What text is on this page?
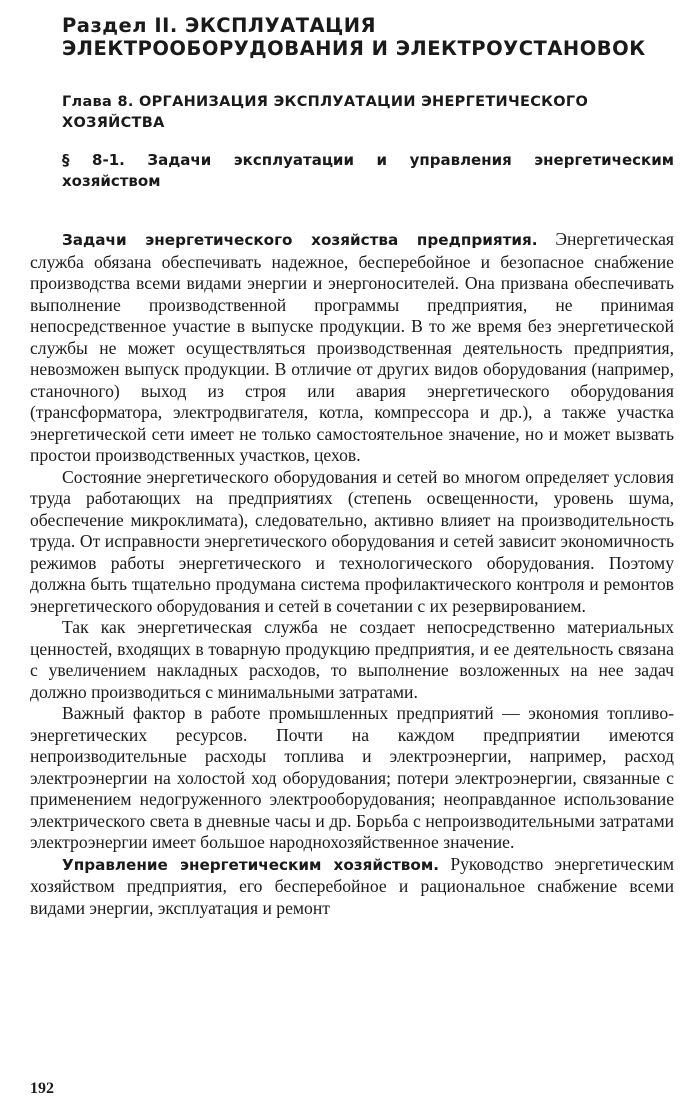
Раздел II. ЭКСПЛУАТАЦИЯ ЭЛЕКТРООБОРУДОВАНИЯ И ЭЛЕКТРОУСТАНОВОК
Глава 8. ОРГАНИЗАЦИЯ ЭКСПЛУАТАЦИИ ЭНЕРГЕТИЧЕСКОГО ХОЗЯЙСТВА
§ 8-1. Задачи эксплуатации и управления энергетическим хозяйством

Задачи энергетического хозяйства предприятия. Энергетическая служба обязана обеспечивать надежное, бесперебойное и безопасное снабжение производства всеми видами энергии и энергоносителей. Она призвана обеспечивать выполнение производственной программы предприятия, не принимая непосредственное участие в выпуске продукции. В то же время без энергетической службы не может осуществляться производственная деятельность предприятия, невозможен выпуск продукции. В отличие от других видов оборудования (например, станочного) выход из строя или авария энергетического оборудования (трансформатора, электродвигателя, котла, компрессора и др.), а также участка энергетической сети имеет не только самостоятельное значение, но и может вызвать простои производственных участков, цехов.

Состояние энергетического оборудования и сетей во многом определяет условия труда работающих на предприятиях (степень освещенности, уровень шума, обеспечение микроклимата), следовательно, активно влияет на производительность труда. От исправности энергетического оборудования и сетей зависит экономичность режимов работы энергетического и технологического оборудования. Поэтому должна быть тщательно продумана система профилактического контроля и ремонтов энергетического оборудования и сетей в сочетании с их резервированием.

Так как энергетическая служба не создает непосредственно материальных ценностей, входящих в товарную продукцию предприятия, и ее деятельность связана с увеличением накладных расходов, то выполнение возложенных на нее задач должно производиться с минимальными затратами.

Важный фактор в работе промышленных предприятий — экономия топливо-энергетических ресурсов. Почти на каждом предприятии имеются непроизводительные расходы топлива и электроэнергии, например, расход электроэнергии на холостой ход оборудования; потери электроэнергии, связанные с применением недогруженного электрооборудования; неоправданное использование электрического света в дневные часы и др. Борьба с непроизводительными затратами электроэнергии имеет большое народнохозяйственное значение.

Управление энергетическим хозяйством. Руководство энергетическим хозяйством предприятия, его бесперебойное и рациональное снабжение всеми видами энергии, эксплуатация и ремонт

192
